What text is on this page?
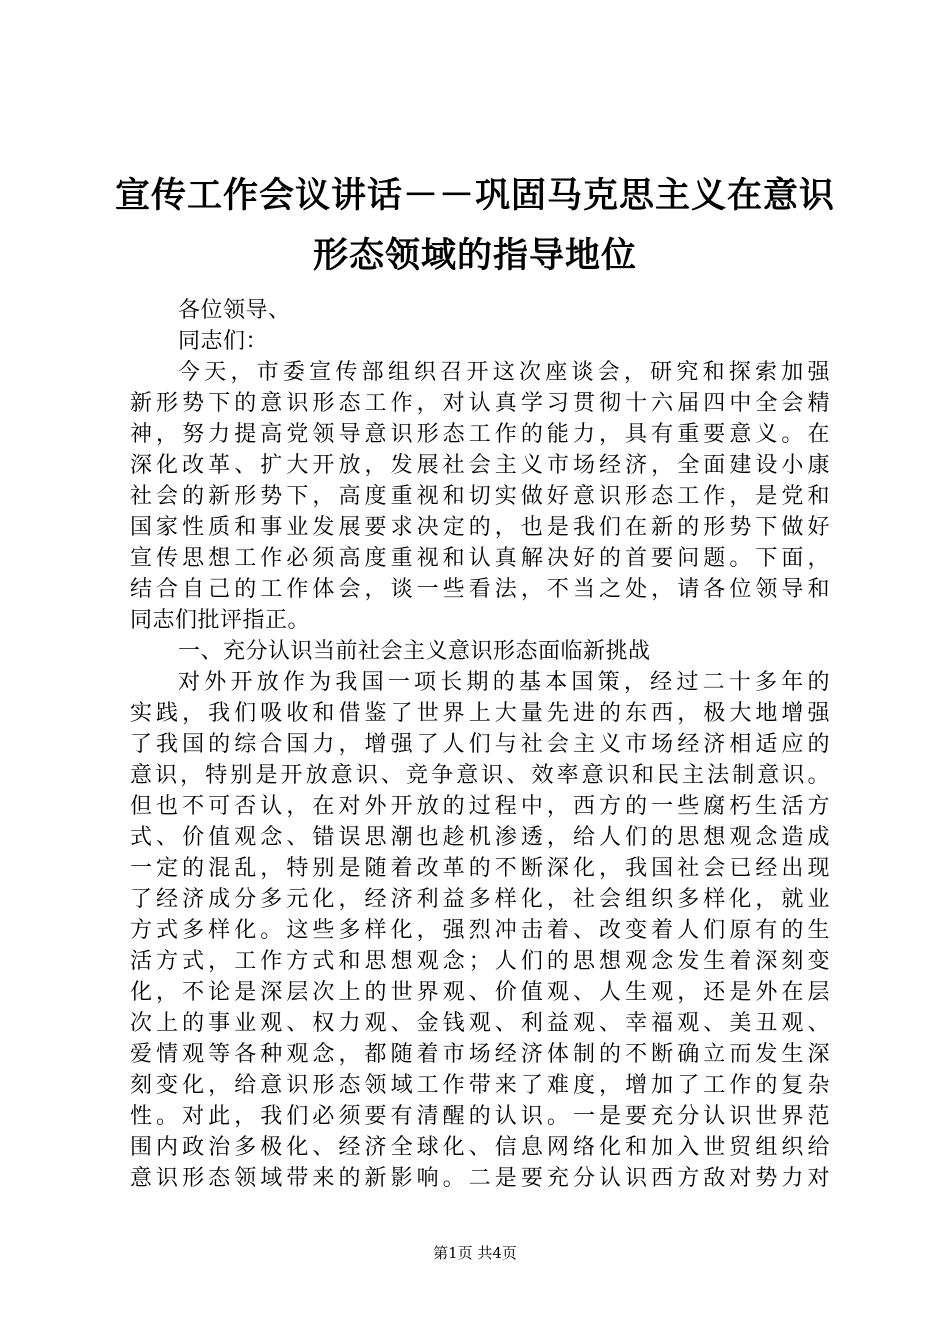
宣传工作会议讲话－－巩固马克思主义在意识
形态领域的指导地位
各位领导、
同志们：
今天，市委宣传部组织召开这次座谈会，研究和探索加强
新形势下的意识形态工作，对认真学习贯彻十六届四中全会精
神，努力提高党领导意识形态工作的能力，具有重要意义。在
深化改革、扩大开放，发展社会主义市场经济，全面建设小康
社会的新形势下，高度重视和切实做好意识形态工作，是党和
国家性质和事业发展要求决定的，也是我们在新的形势下做好
宣传思想工作必须高度重视和认真解决好的首要问题。下面，
结合自己的工作体会，谈一些看法，不当之处，请各位领导和
同志们批评指正。
一、充分认识当前社会主义意识形态面临新挑战
对外开放作为我国一项长期的基本国策，经过二十多年的
实践，我们吸收和借鉴了世界上大量先进的东西，极大地增强
了我国的综合国力，增强了人们与社会主义市场经济相适应的
意识，特别是开放意识、竞争意识、效率意识和民主法制意识。
但也不可否认，在对外开放的过程中，西方的一些腐朽生活方
式、价值观念、错误思潮也趁机渗透，给人们的思想观念造成
一定的混乱，特别是随着改革的不断深化，我国社会已经出现
了经济成分多元化，经济利益多样化，社会组织多样化，就业
方式多样化。这些多样化，强烈冲击着、改变着人们原有的生
活方式，工作方式和思想观念；人们的思想观念发生着深刻变
化，不论是深层次上的世界观、价值观、人生观，还是外在层
次上的事业观、权力观、金钱观、利益观、幸福观、美丑观、
爱情观等各种观念，都随着市场经济体制的不断确立而发生深
刻变化，给意识形态领域工作带来了难度，增加了工作的复杂
性。对此，我们必须要有清醒的认识。一是要充分认识世界范
围内政治多极化、经济全球化、信息网络化和加入世贸组织给
意识形态领域带来的新影响。二是要充分认识西方敌对势力对
第1页 共4页
